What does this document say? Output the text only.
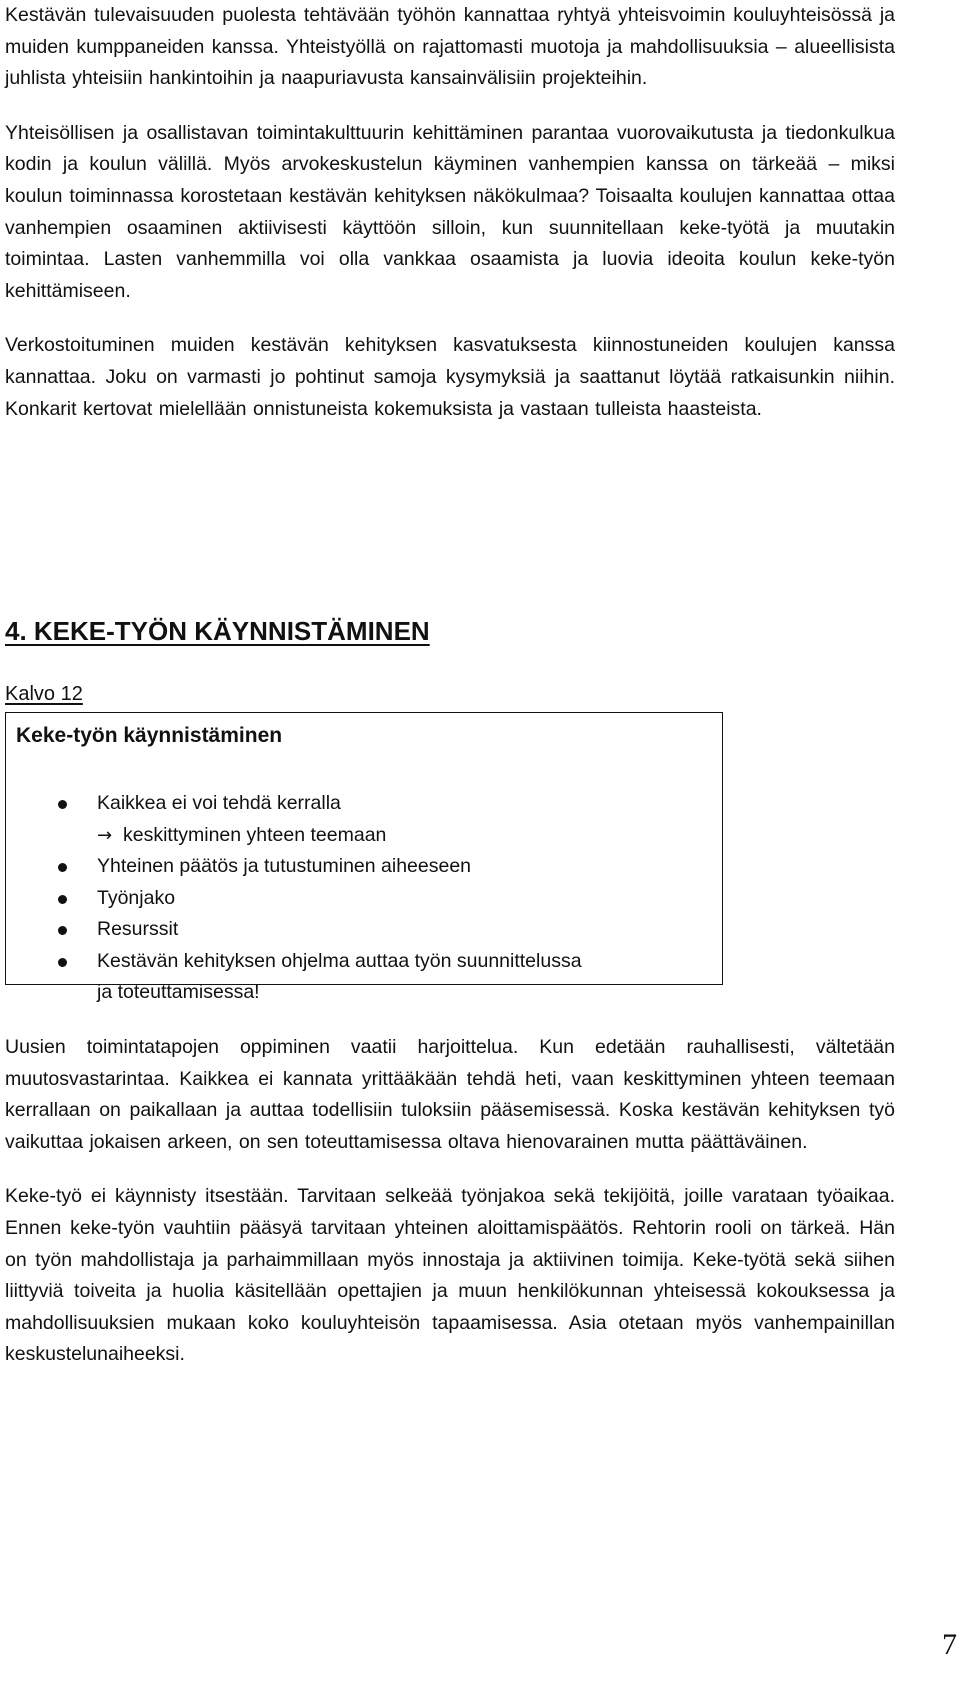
Kestävän tulevaisuuden puolesta tehtävään työhön kannattaa ryhtyä yhteisvoimin kouluyhteisössä ja muiden kumppaneiden kanssa. Yhteistyöllä on rajattomasti muotoja ja mahdollisuuksia – alueellisista juhlista yhteisiin hankintoihin ja naapuriavusta kansainvälisiin projekteihin.

Yhteisöllisen ja osallistavan toimintakulttuurin kehittäminen parantaa vuorovaikutusta ja tiedonkulkua kodin ja koulun välillä. Myös arvokeskustelun käyminen vanhempien kanssa on tärkeää – miksi koulun toiminnassa korostetaan kestävän kehityksen näkökulmaa? Toisaalta koulujen kannattaa ottaa vanhempien osaaminen aktiivisesti käyttöön silloin, kun suunnitellaan keke-työtä ja muutakin toimintaa. Lasten vanhemmilla voi olla vankkaa osaamista ja luovia ideoita koulun keke-työn kehittämiseen.

Verkostoituminen muiden kestävän kehityksen kasvatuksesta kiinnostuneiden koulujen kanssa kannattaa. Joku on varmasti jo pohtinut samoja kysymyksiä ja saattanut löytää ratkaisunkin niihin. Konkarit kertovat mielellään onnistuneista kokemuksista ja vastaan tulleista haasteista.

4. KEKE-TYÖN KÄYNNISTÄMINEN
Kalvo 12
Keke-työn käynnistäminen
Kaikkea ei voi tehdä kerralla
→ keskittyminen yhteen teemaan
Yhteinen päätös ja tutustuminen aiheeseen
Työnjako
Resurssit
Kestävän kehityksen ohjelma auttaa työn suunnittelussa
ja toteuttamisessa!

Uusien toimintatapojen oppiminen vaatii harjoittelua. Kun edetään rauhallisesti, vältetään muutosvastarintaa. Kaikkea ei kannata yrittääkään tehdä heti, vaan keskittyminen yhteen teemaan kerrallaan on paikallaan ja auttaa todellisiin tuloksiin pääsemisessä. Koska kestävän kehityksen työ vaikuttaa jokaisen arkeen, on sen toteuttamisessa oltava hienovarainen mutta päättäväinen.

Keke-työ ei käynnisty itsestään. Tarvitaan selkeää työnjakoa sekä tekijöitä, joille varataan työaikaa. Ennen keke-työn vauhtiin pääsyä tarvitaan yhteinen aloittamispäätös. Rehtorin rooli on tärkeä. Hän on työn mahdollistaja ja parhaimmillaan myös innostaja ja aktiivinen toimija. Keke-työtä sekä siihen liittyviä toiveita ja huolia käsitellään opettajien ja muun henkilökunnan yhteisessä kokouksessa ja mahdollisuuksien mukaan koko kouluyhteisön tapaamisessa. Asia otetaan myös vanhempainillan keskustelunaiheeksi.

7
